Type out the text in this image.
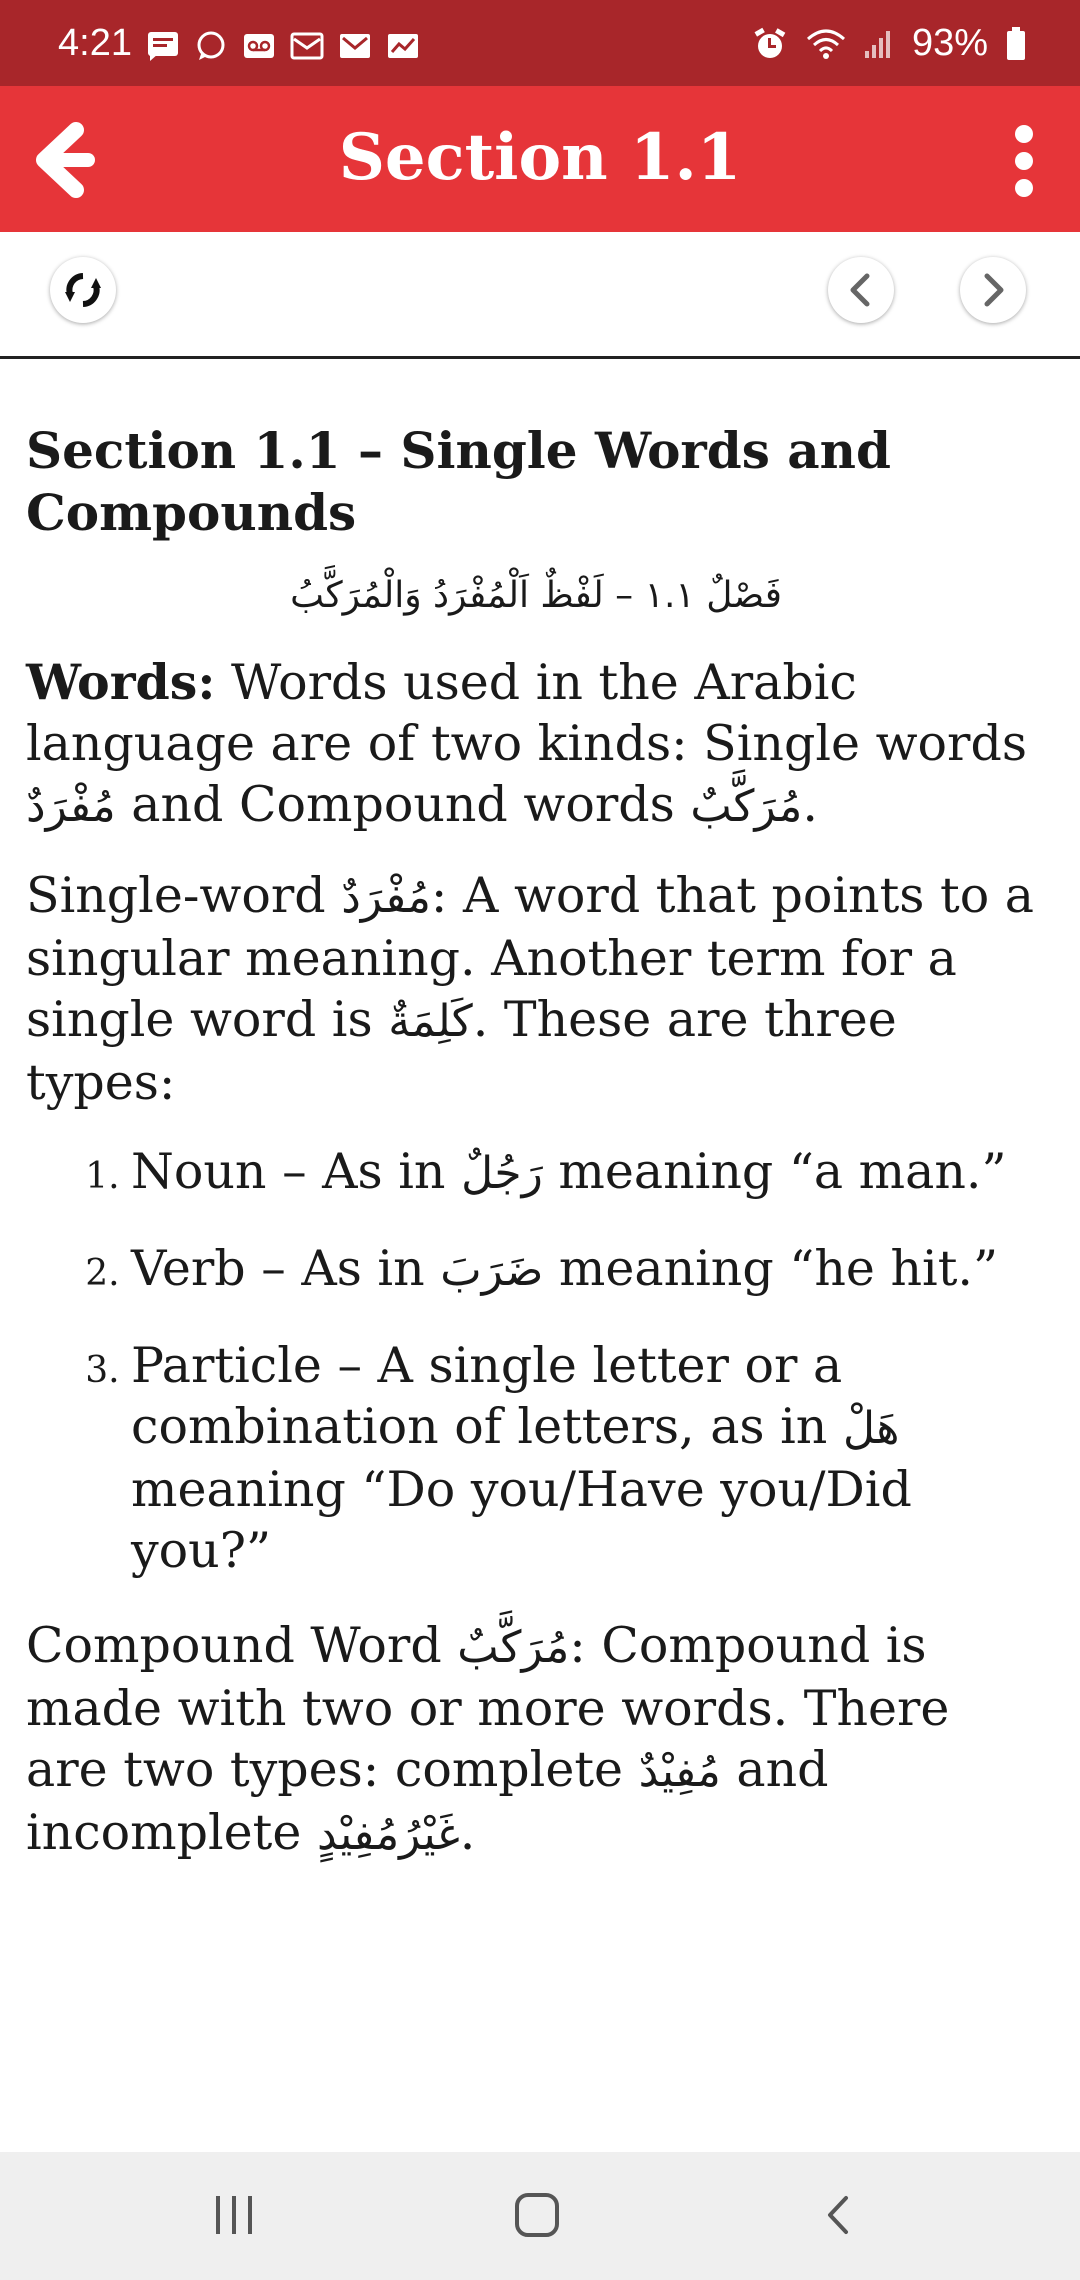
4:21	93%
Section 1.1
Section 1.1 – Single Words and Compounds
فَصْلٌ ١.١ – لَفْظٌ اَلْمُفْرَدُ وَالْمُرَكَّبُ

Words: Words used in the Arabic language are of two kinds: Single words مُفْرَدٌ and Compound words مُرَكَّبٌ.

Single-word مُفْرَدٌ: A word that points to a singular meaning. Another term for a single word is كَلِمَةٌ. These are three types:

1. Noun – As in رَجُلٌ meaning “a man.”
2. Verb – As in ضَرَبَ meaning “he hit.”
3. Particle – A single letter or a combination of letters, as in هَلْ meaning “Do you/Have you/Did you?”

Compound Word مُرَكَّبٌ: Compound is made with two or more words. There are two types: complete مُفِيْدٌ and incomplete غَيْرُمُفِيْدٍ.
